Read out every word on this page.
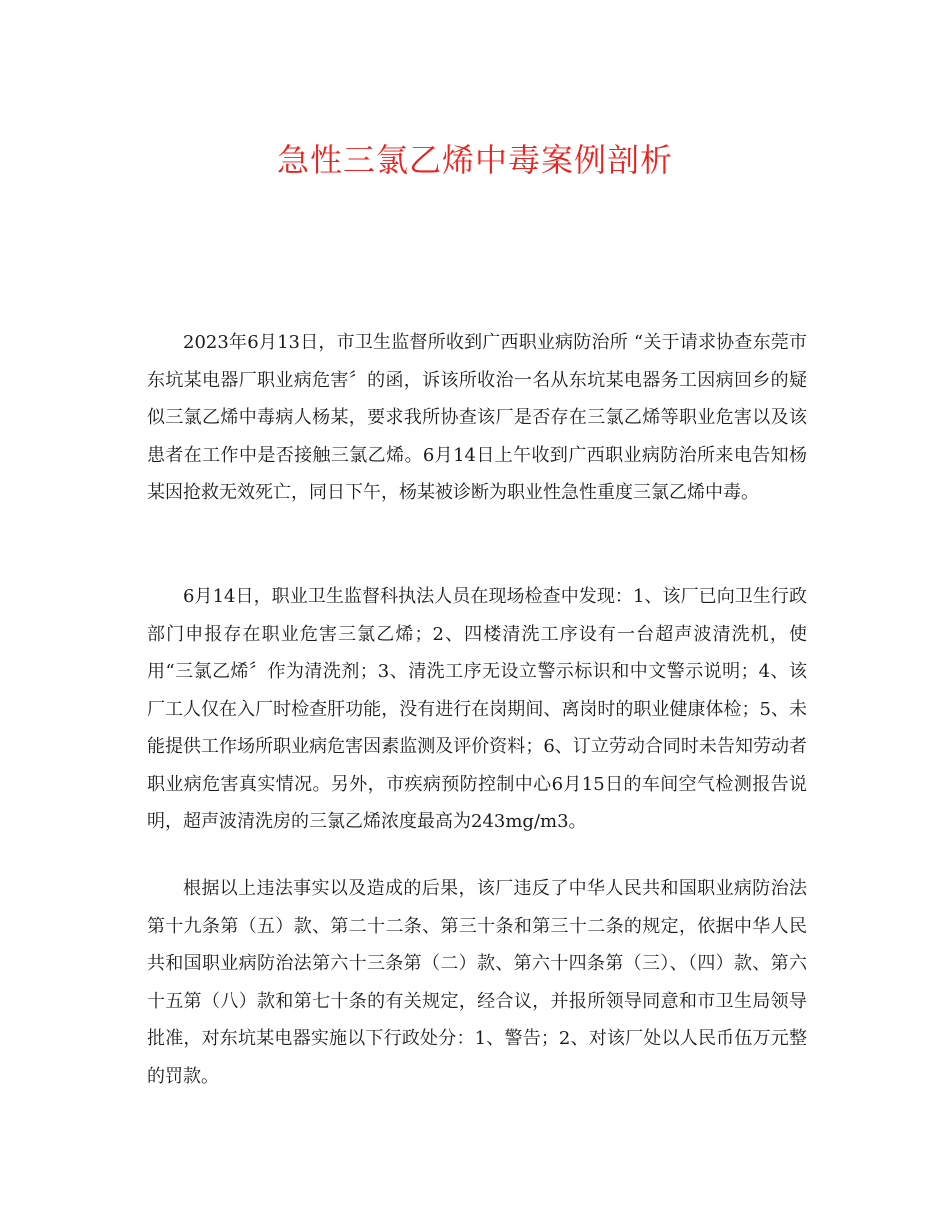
急性三氯乙烯中毒案例剖析

2023年6月13日，市卫生监督所收到广西职业病防治所 “关于请求协查东莞市东坑某电器厂职业病危害〞的函，诉该所收治一名从东坑某电器务工因病回乡的疑似三氯乙烯中毒病人杨某，要求我所协查该厂是否存在三氯乙烯等职业危害以及该患者在工作中是否接触三氯乙烯。6月14日上午收到广西职业病防治所来电告知杨某因抢救无效死亡，同日下午，杨某被诊断为职业性急性重度三氯乙烯中毒。

6月14日，职业卫生监督科执法人员在现场检查中发现：1、该厂已向卫生行政部门申报存在职业危害三氯乙烯；2、四楼清洗工序设有一台超声波清洗机，使用“三氯乙烯〞作为清洗剂；3、清洗工序无设立警示标识和中文警示说明；4、该厂工人仅在入厂时检查肝功能，没有进行在岗期间、离岗时的职业健康体检；5、未能提供工作场所职业病危害因素监测及评价资料；6、订立劳动合同时未告知劳动者职业病危害真实情况。另外，市疾病预防控制中心6月15日的车间空气检测报告说明，超声波清洗房的三氯乙烯浓度最高为243mg/m3。

根据以上违法事实以及造成的后果，该厂违反了中华人民共和国职业病防治法第十九条第（五）款、第二十二条、第三十条和第三十二条的规定，依据中华人民共和国职业病防治法第六十三条第（二）款、第六十四条第（三）、（四）款、第六十五第（八）款和第七十条的有关规定，经合议，并报所领导同意和市卫生局领导批准，对东坑某电器实施以下行政处分：1、警告；2、对该厂处以人民币伍万元整的罚款。
